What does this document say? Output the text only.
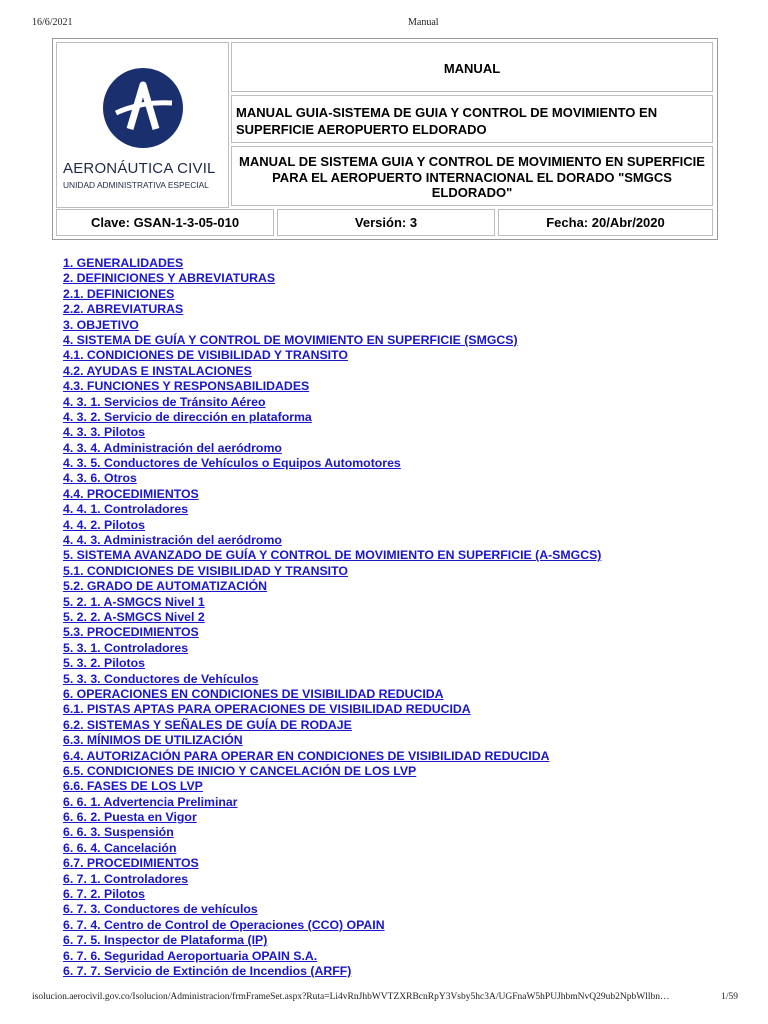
16/6/2021	Manual
AERONÁUTICA CIVIL
UNIDAD ADMINISTRATIVA ESPECIAL
MANUAL
MANUAL GUIA-SISTEMA DE GUIA Y CONTROL DE MOVIMIENTO EN SUPERFICIE AEROPUERTO ELDORADO
MANUAL DE SISTEMA GUIA Y CONTROL DE MOVIMIENTO EN SUPERFICIE PARA EL AEROPUERTO INTERNACIONAL EL DORADO "SMGCS ELDORADO"
Clave: GSAN-1-3-05-010	Versión: 3	Fecha: 20/Abr/2020
1. GENERALIDADES
2. DEFINICIONES Y ABREVIATURAS
2.1. DEFINICIONES
2.2. ABREVIATURAS
3. OBJETIVO
4. SISTEMA DE GUÍA Y CONTROL DE MOVIMIENTO EN SUPERFICIE (SMGCS)
4.1. CONDICIONES DE VISIBILIDAD Y TRANSITO
4.2. AYUDAS E INSTALACIONES
4.3. FUNCIONES Y RESPONSABILIDADES
4. 3. 1. Servicios de Tránsito Aéreo
4. 3. 2. Servicio de dirección en plataforma
4. 3. 3. Pilotos
4. 3. 4. Administración del aeródromo
4. 3. 5. Conductores de Vehículos o Equipos Automotores
4. 3. 6. Otros
4.4. PROCEDIMIENTOS
4. 4. 1. Controladores
4. 4. 2. Pilotos
4. 4. 3. Administración del aeródromo
5. SISTEMA AVANZADO DE GUÍA Y CONTROL DE MOVIMIENTO EN SUPERFICIE (A-SMGCS)
5.1. CONDICIONES DE VISIBILIDAD Y TRANSITO
5.2. GRADO DE AUTOMATIZACIÓN
5. 2. 1. A-SMGCS Nivel 1
5. 2. 2. A-SMGCS Nivel 2
5.3. PROCEDIMIENTOS
5. 3. 1. Controladores
5. 3. 2. Pilotos
5. 3. 3. Conductores de Vehículos
6. OPERACIONES EN CONDICIONES DE VISIBILIDAD REDUCIDA
6.1. PISTAS APTAS PARA OPERACIONES DE VISIBILIDAD REDUCIDA
6.2. SISTEMAS Y SEÑALES DE GUÍA DE RODAJE
6.3. MÍNIMOS DE UTILIZACIÓN
6.4. AUTORIZACIÓN PARA OPERAR EN CONDICIONES DE VISIBILIDAD REDUCIDA
6.5. CONDICIONES DE INICIO Y CANCELACIÓN DE LOS LVP
6.6. FASES DE LOS LVP
6. 6. 1. Advertencia Preliminar
6. 6. 2. Puesta en Vigor
6. 6. 3. Suspensión
6. 6. 4. Cancelación
6.7. PROCEDIMIENTOS
6. 7. 1. Controladores
6. 7. 2. Pilotos
6. 7. 3. Conductores de vehículos
6. 7. 4. Centro de Control de Operaciones (CCO) OPAIN
6. 7. 5. Inspector de Plataforma (IP)
6. 7. 6. Seguridad Aeroportuaria OPAIN S.A.
6. 7. 7. Servicio de Extinción de Incendios (ARFF)
isolucion.aerocivil.gov.co/Isolucion/Administracion/frmFrameSet.aspx?Ruta=Li4vRnJhbWVTZXRBcnRpY3Vsby5hc3A/UGFnaW5hPUJhbmNvQ29ub2NpbWllbn…	1/59
